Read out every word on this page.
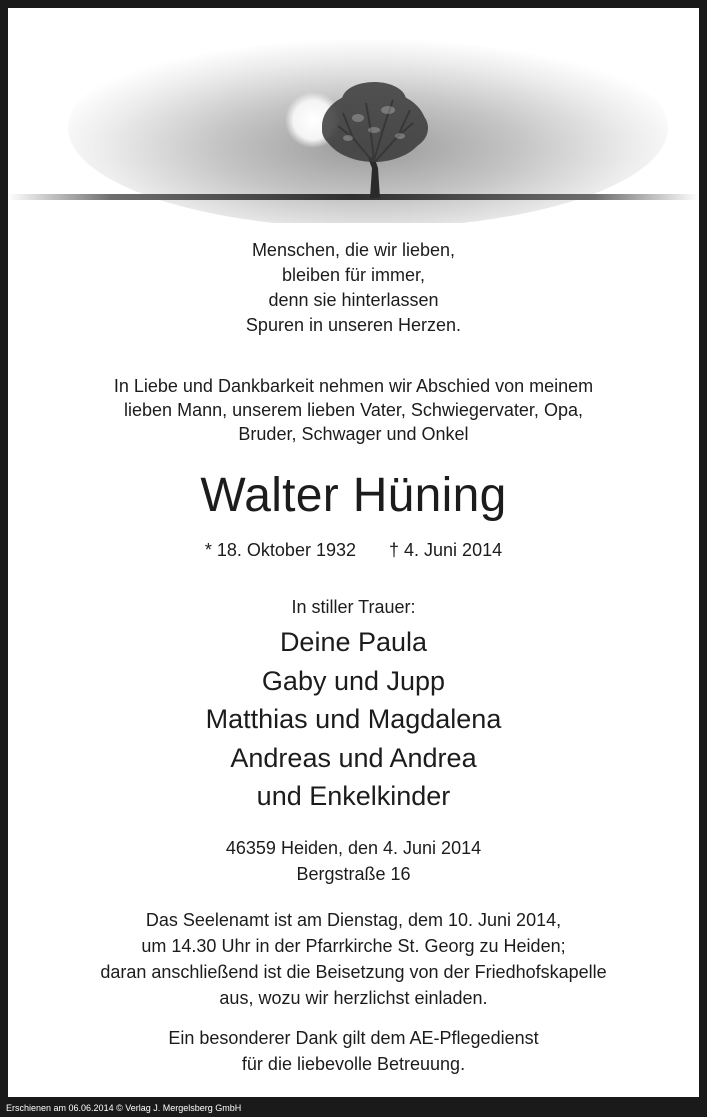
Menschen, die wir lieben,
bleiben für immer,
denn sie hinterlassen
Spuren in unseren Herzen.
In Liebe und Dankbarkeit nehmen wir Abschied von meinem
lieben Mann, unserem lieben Vater, Schwiegervater, Opa,
Bruder, Schwager und Onkel
Walter Hüning
* 18. Oktober 1932 † 4. Juni 2014
In stiller Trauer:
Deine Paula
Gaby und Jupp
Matthias und Magdalena
Andreas und Andrea
und Enkelkinder
46359 Heiden, den 4. Juni 2014
Bergstraße 16
Das Seelenamt ist am Dienstag, dem 10. Juni 2014,
um 14.30 Uhr in der Pfarrkirche St. Georg zu Heiden;
daran anschließend ist die Beisetzung von der Friedhofskapelle
aus, wozu wir herzlichst einladen.
Ein besonderer Dank gilt dem AE-Pflegedienst
für die liebevolle Betreuung.
Erschienen am 06.06.2014 © Verlag J. Mergelsberg GmbH
